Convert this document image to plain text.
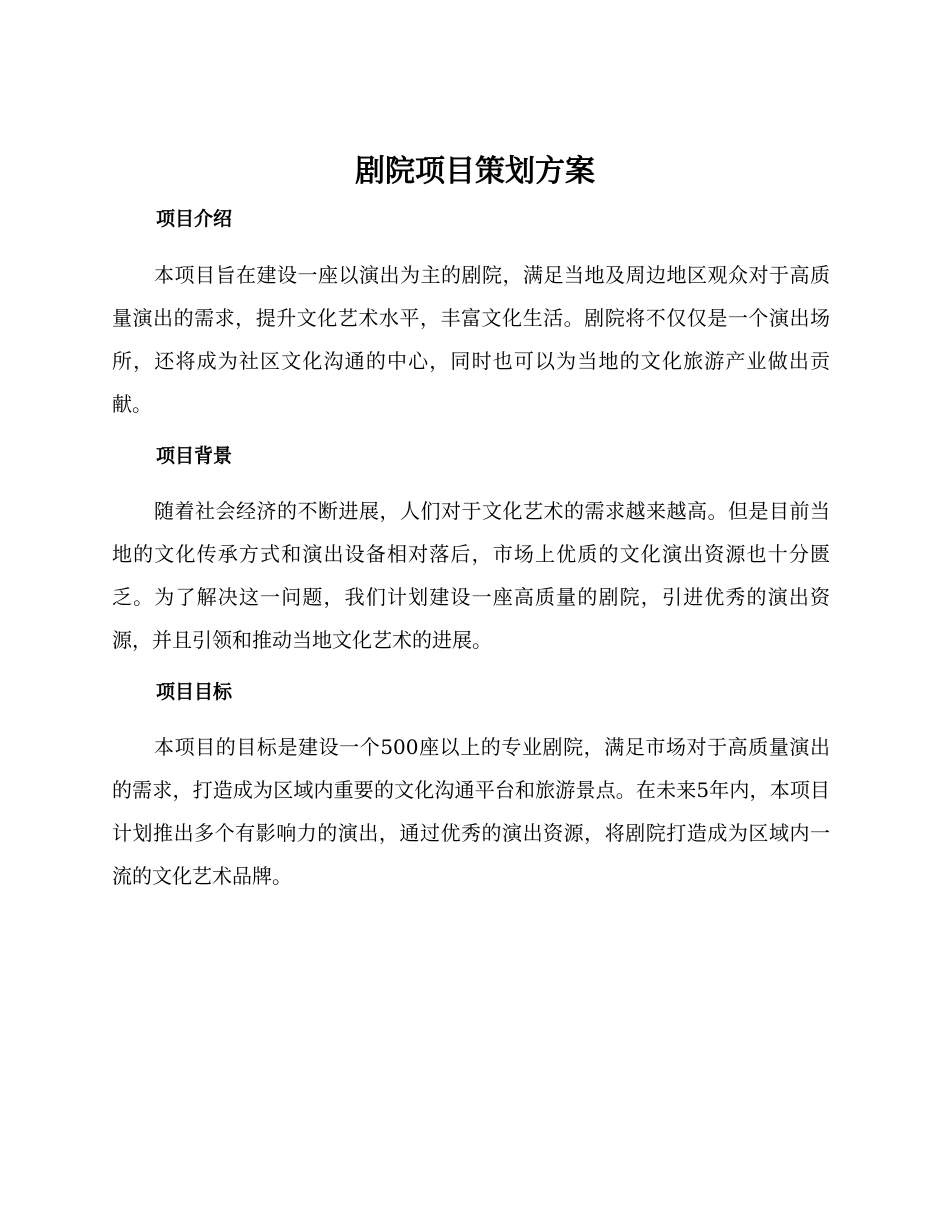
剧院项目策划方案
项目介绍

本项目旨在建设一座以演出为主的剧院，满足当地及周边地区观众对于高质量演出的需求，提升文化艺术水平，丰富文化生活。剧院将不仅仅是一个演出场所，还将成为社区文化沟通的中心，同时也可以为当地的文化旅游产业做出贡献。

项目背景

随着社会经济的不断进展，人们对于文化艺术的需求越来越高。但是目前当地的文化传承方式和演出设备相对落后，市场上优质的文化演出资源也十分匮乏。为了解决这一问题，我们计划建设一座高质量的剧院，引进优秀的演出资源，并且引领和推动当地文化艺术的进展。

项目目标

本项目的目标是建设一个500座以上的专业剧院，满足市场对于高质量演出的需求，打造成为区域内重要的文化沟通平台和旅游景点。在未来5年内，本项目计划推出多个有影响力的演出，通过优秀的演出资源，将剧院打造成为区域内一流的文化艺术品牌。
